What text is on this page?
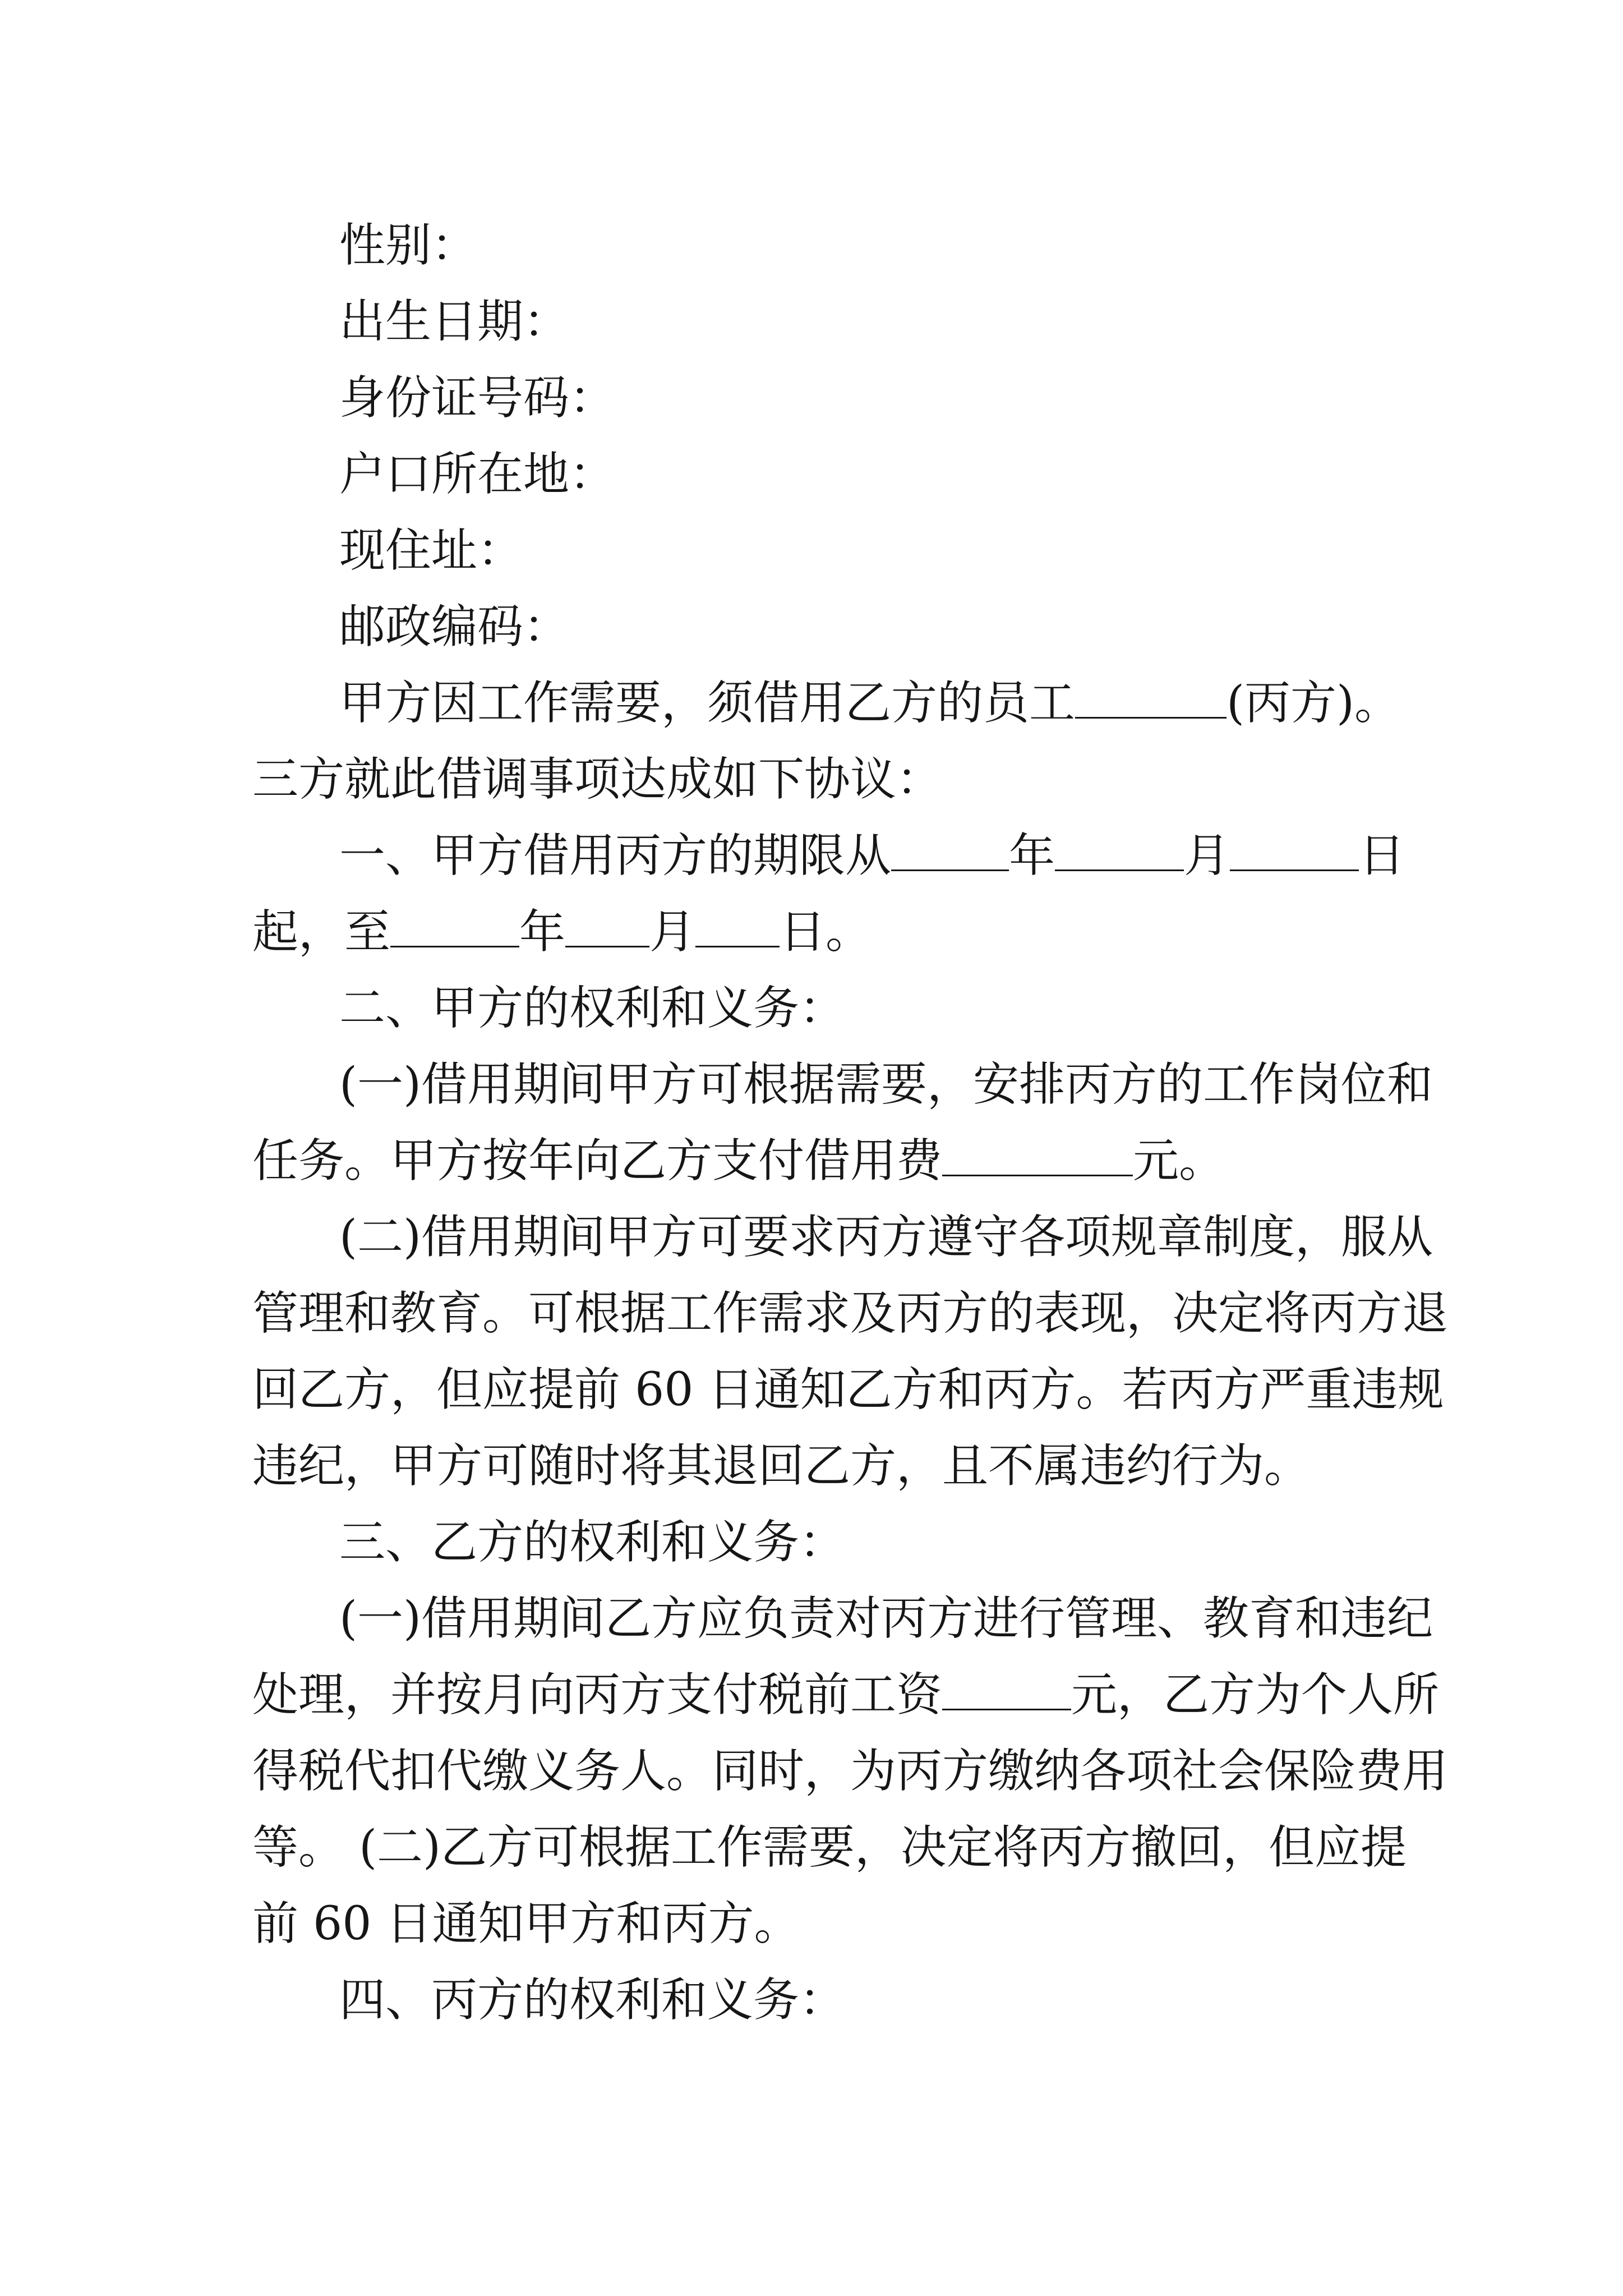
性别：
出生日期：
身份证号码：
户口所在地：
现住址：
邮政编码：
甲方因工作需要，须借用乙方的员工	(丙方)。
三方就此借调事项达成如下协议：
一、甲方借用丙方的期限从	年	月	日
起，至	年 月 日。
二、甲方的权利和义务：
(一)借用期间甲方可根据需要，安排丙方的工作岗位和
任务。甲方按年向乙方支付借用费	元。
(二)借用期间甲方可要求丙方遵守各项规章制度，服从
管理和教育。可根据工作需求及丙方的表现，决定将丙方退
回乙方，但应提前 60 日通知乙方和丙方。若丙方严重违规
违纪，甲方可随时将其退回乙方，且不属违约行为。
三、乙方的权利和义务：
(一)借用期间乙方应负责对丙方进行管理、教育和违纪
处理，并按月向丙方支付税前工资	元，乙方为个人所
得税代扣代缴义务人。同时，为丙方缴纳各项社会保险费用
等。 (二)乙方可根据工作需要，决定将丙方撤回，但应提
前 60 日通知甲方和丙方。
四、丙方的权利和义务：
